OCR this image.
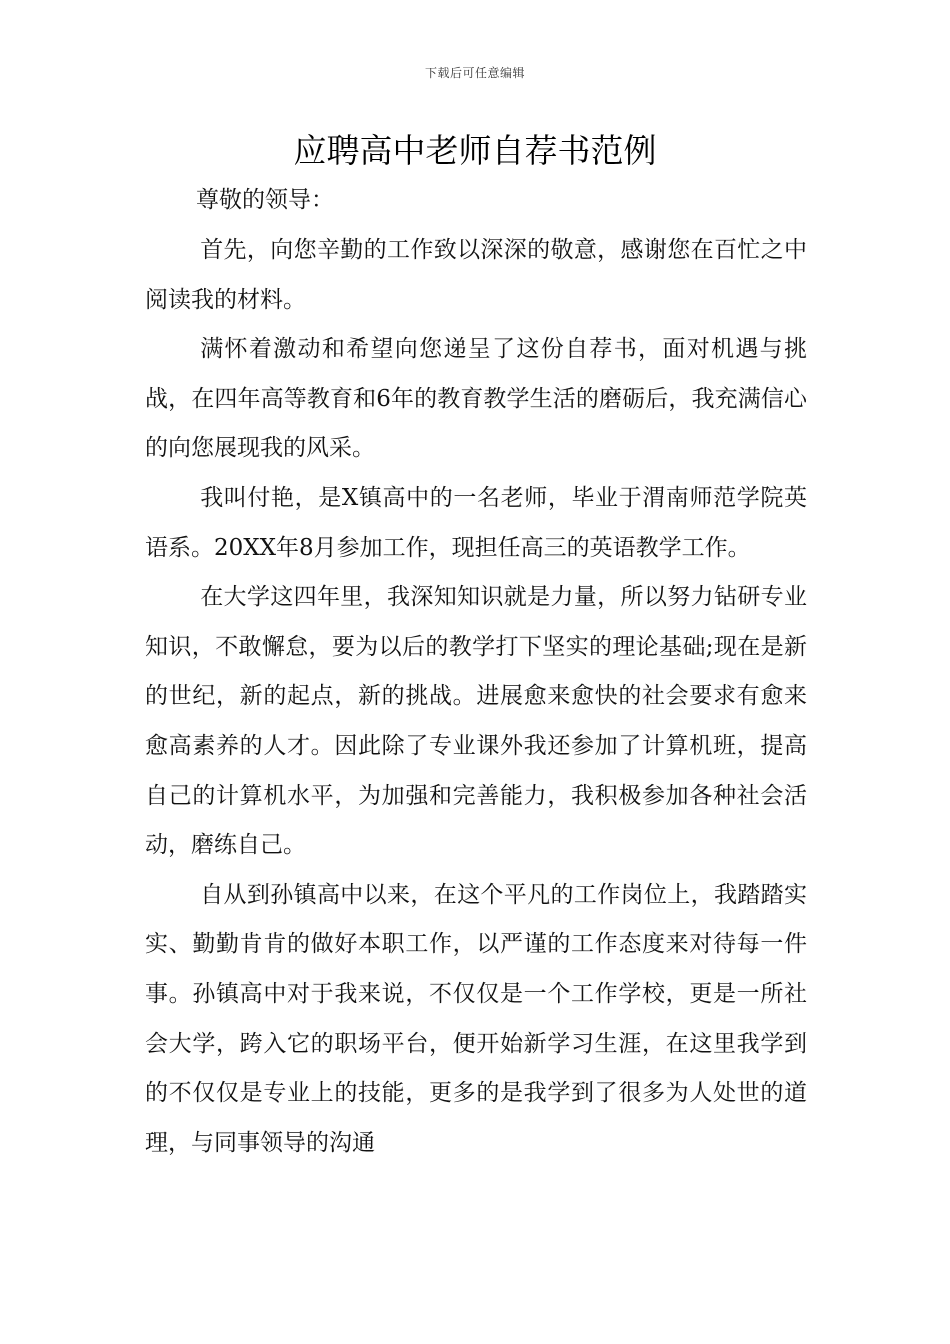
下载后可任意编辑
应聘高中老师自荐书范例

尊敬的领导：

首先，向您辛勤的工作致以深深的敬意，感谢您在百忙之中阅读我的材料。

满怀着激动和希望向您递呈了这份自荐书，面对机遇与挑战，在四年高等教育和6年的教育教学生活的磨砺后，我充满信心的向您展现我的风采。

我叫付艳，是X镇高中的一名老师，毕业于渭南师范学院英语系。20XX年8月参加工作，现担任高三的英语教学工作。

在大学这四年里，我深知知识就是力量，所以努力钻研专业知识，不敢懈怠，要为以后的教学打下坚实的理论基础;现在是新的世纪，新的起点，新的挑战。进展愈来愈快的社会要求有愈来愈高素养的人才。因此除了专业课外我还参加了计算机班，提高自己的计算机水平，为加强和完善能力，我积极参加各种社会活动，磨练自己。

自从到孙镇高中以来，在这个平凡的工作岗位上，我踏踏实实、勤勤肯肯的做好本职工作，以严谨的工作态度来对待每一件事。孙镇高中对于我来说，不仅仅是一个工作学校，更是一所社会大学，跨入它的职场平台，便开始新学习生涯，在这里我学到的不仅仅是专业上的技能，更多的是我学到了很多为人处世的道理，与同事领导的沟通
